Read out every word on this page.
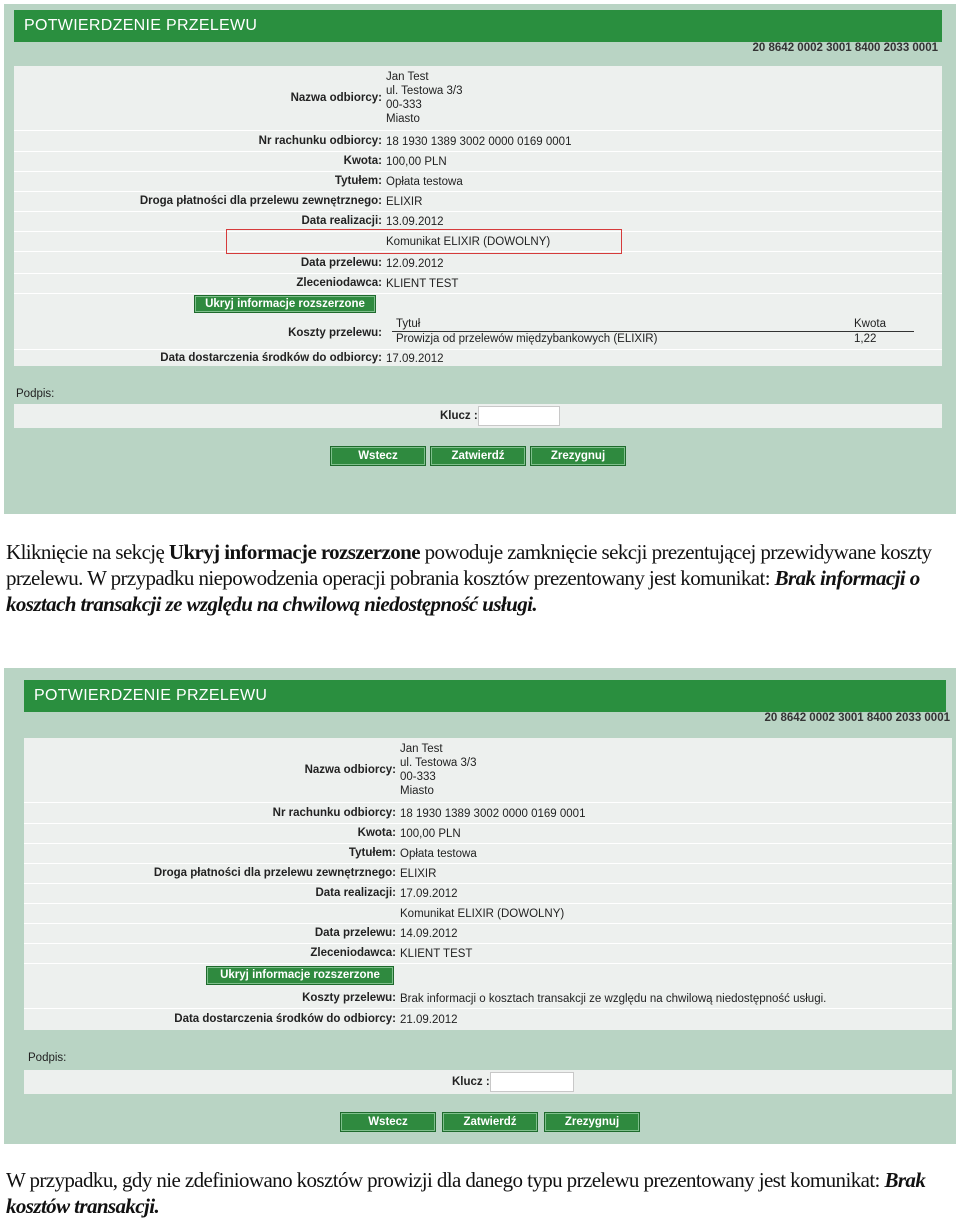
POTWIERDZENIE PRZELEWU
20 8642 0002 3001 8400 2033 0001
Nazwa odbiorcy:
Jan Test
ul. Testowa 3/3
00-333
Miasto
Nr rachunku odbiorcy: 18 1930 1389 3002 0000 0169 0001
Kwota: 100,00 PLN
Tytułem: Opłata testowa
Droga płatności dla przelewu zewnętrznego: ELIXIR
Data realizacji: 13.09.2012
Komunikat ELIXIR (DOWOLNY)
Data przelewu: 12.09.2012
Zleceniodawca: KLIENT TEST
Ukryj informacje rozszerzone
Koszty przelewu:
Tytuł	Kwota
Prowizja od przelewów międzybankowych (ELIXIR)	1,22
Data dostarczenia środków do odbiorcy: 17.09.2012
Podpis:
Klucz :
Wstecz	Zatwierdź	Zrezygnuj
Kliknięcie na sekcję Ukryj informacje rozszerzone powoduje zamknięcie sekcji prezentującej przewidywane koszty przelewu. W przypadku niepowodzenia operacji pobrania kosztów prezentowany jest komunikat: Brak informacji o kosztach transakcji ze względu na chwilową niedostępność usługi.
POTWIERDZENIE PRZELEWU
20 8642 0002 3001 8400 2033 0001
Nazwa odbiorcy:
Jan Test
ul. Testowa 3/3
00-333
Miasto
Nr rachunku odbiorcy: 18 1930 1389 3002 0000 0169 0001
Kwota: 100,00 PLN
Tytułem: Opłata testowa
Droga płatności dla przelewu zewnętrznego: ELIXIR
Data realizacji: 17.09.2012
Komunikat ELIXIR (DOWOLNY)
Data przelewu: 14.09.2012
Zleceniodawca: KLIENT TEST
Ukryj informacje rozszerzone
Koszty przelewu: Brak informacji o kosztach transakcji ze względu na chwilową niedostępność usługi.
Data dostarczenia środków do odbiorcy: 21.09.2012
Podpis:
Klucz :
Wstecz	Zatwierdź	Zrezygnuj
W przypadku, gdy nie zdefiniowano kosztów prowizji dla danego typu przelewu prezentowany jest komunikat: Brak kosztów transakcji.
